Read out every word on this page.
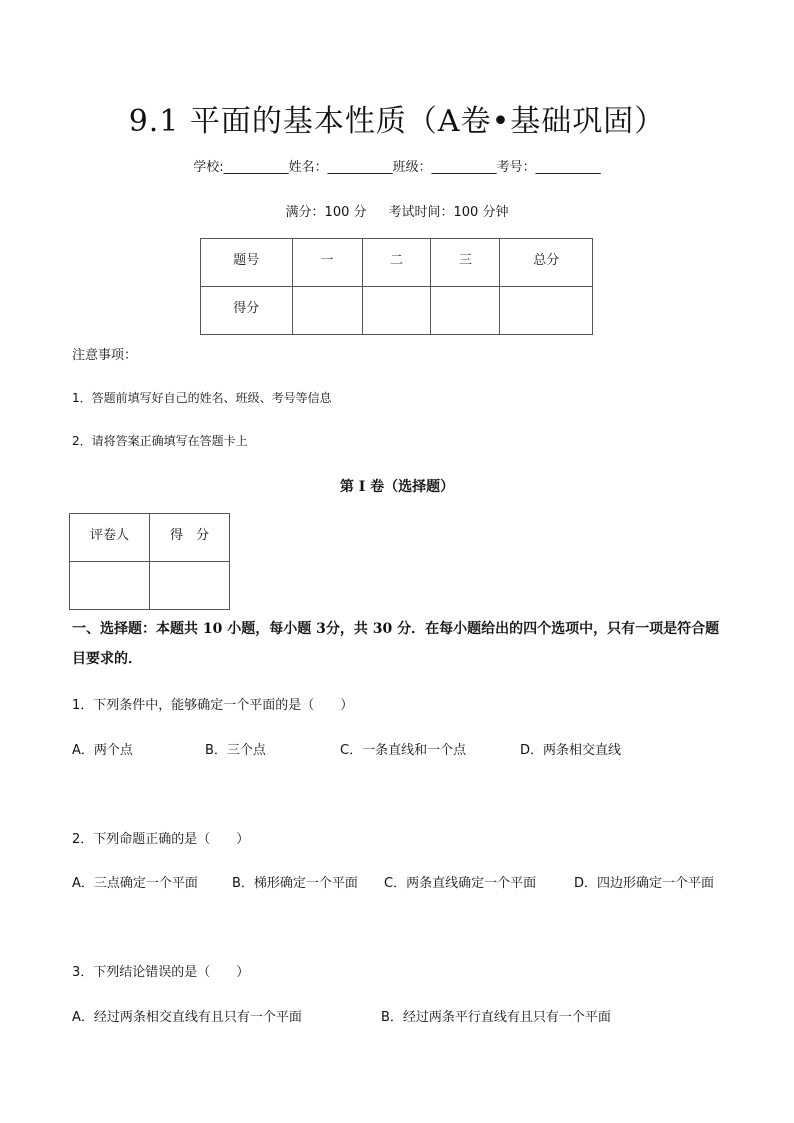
9.1 平面的基本性质（A卷•基础巩固）
学校:__________姓名：__________班级：__________考号：__________
满分：100 分 考试时间：100 分钟
题号	一	二	三	总分

得分				

注意事项：
1．答题前填写好自己的姓名、班级、考号等信息
2．请将答案正确填写在答题卡上
第 I 卷（选择题）
评卷人	得　分

一、选择题：本题共 10 小题，每小题 3分，共 30 分．在每小题给出的四个选项中，只有一项是符合题目要求的．
1．下列条件中，能够确定一个平面的是（　　）
A．两个点	B．三个点	C．一条直线和一个点	D．两条相交直线
2．下列命题正确的是（　　）
A．三点确定一个平面	B．梯形确定一个平面 C．两条直线确定一个平面	D．四边形确定一个平面
3．下列结论错误的是（　　）
A．经过两条相交直线有且只有一个平面	B．经过两条平行直线有且只有一个平面
